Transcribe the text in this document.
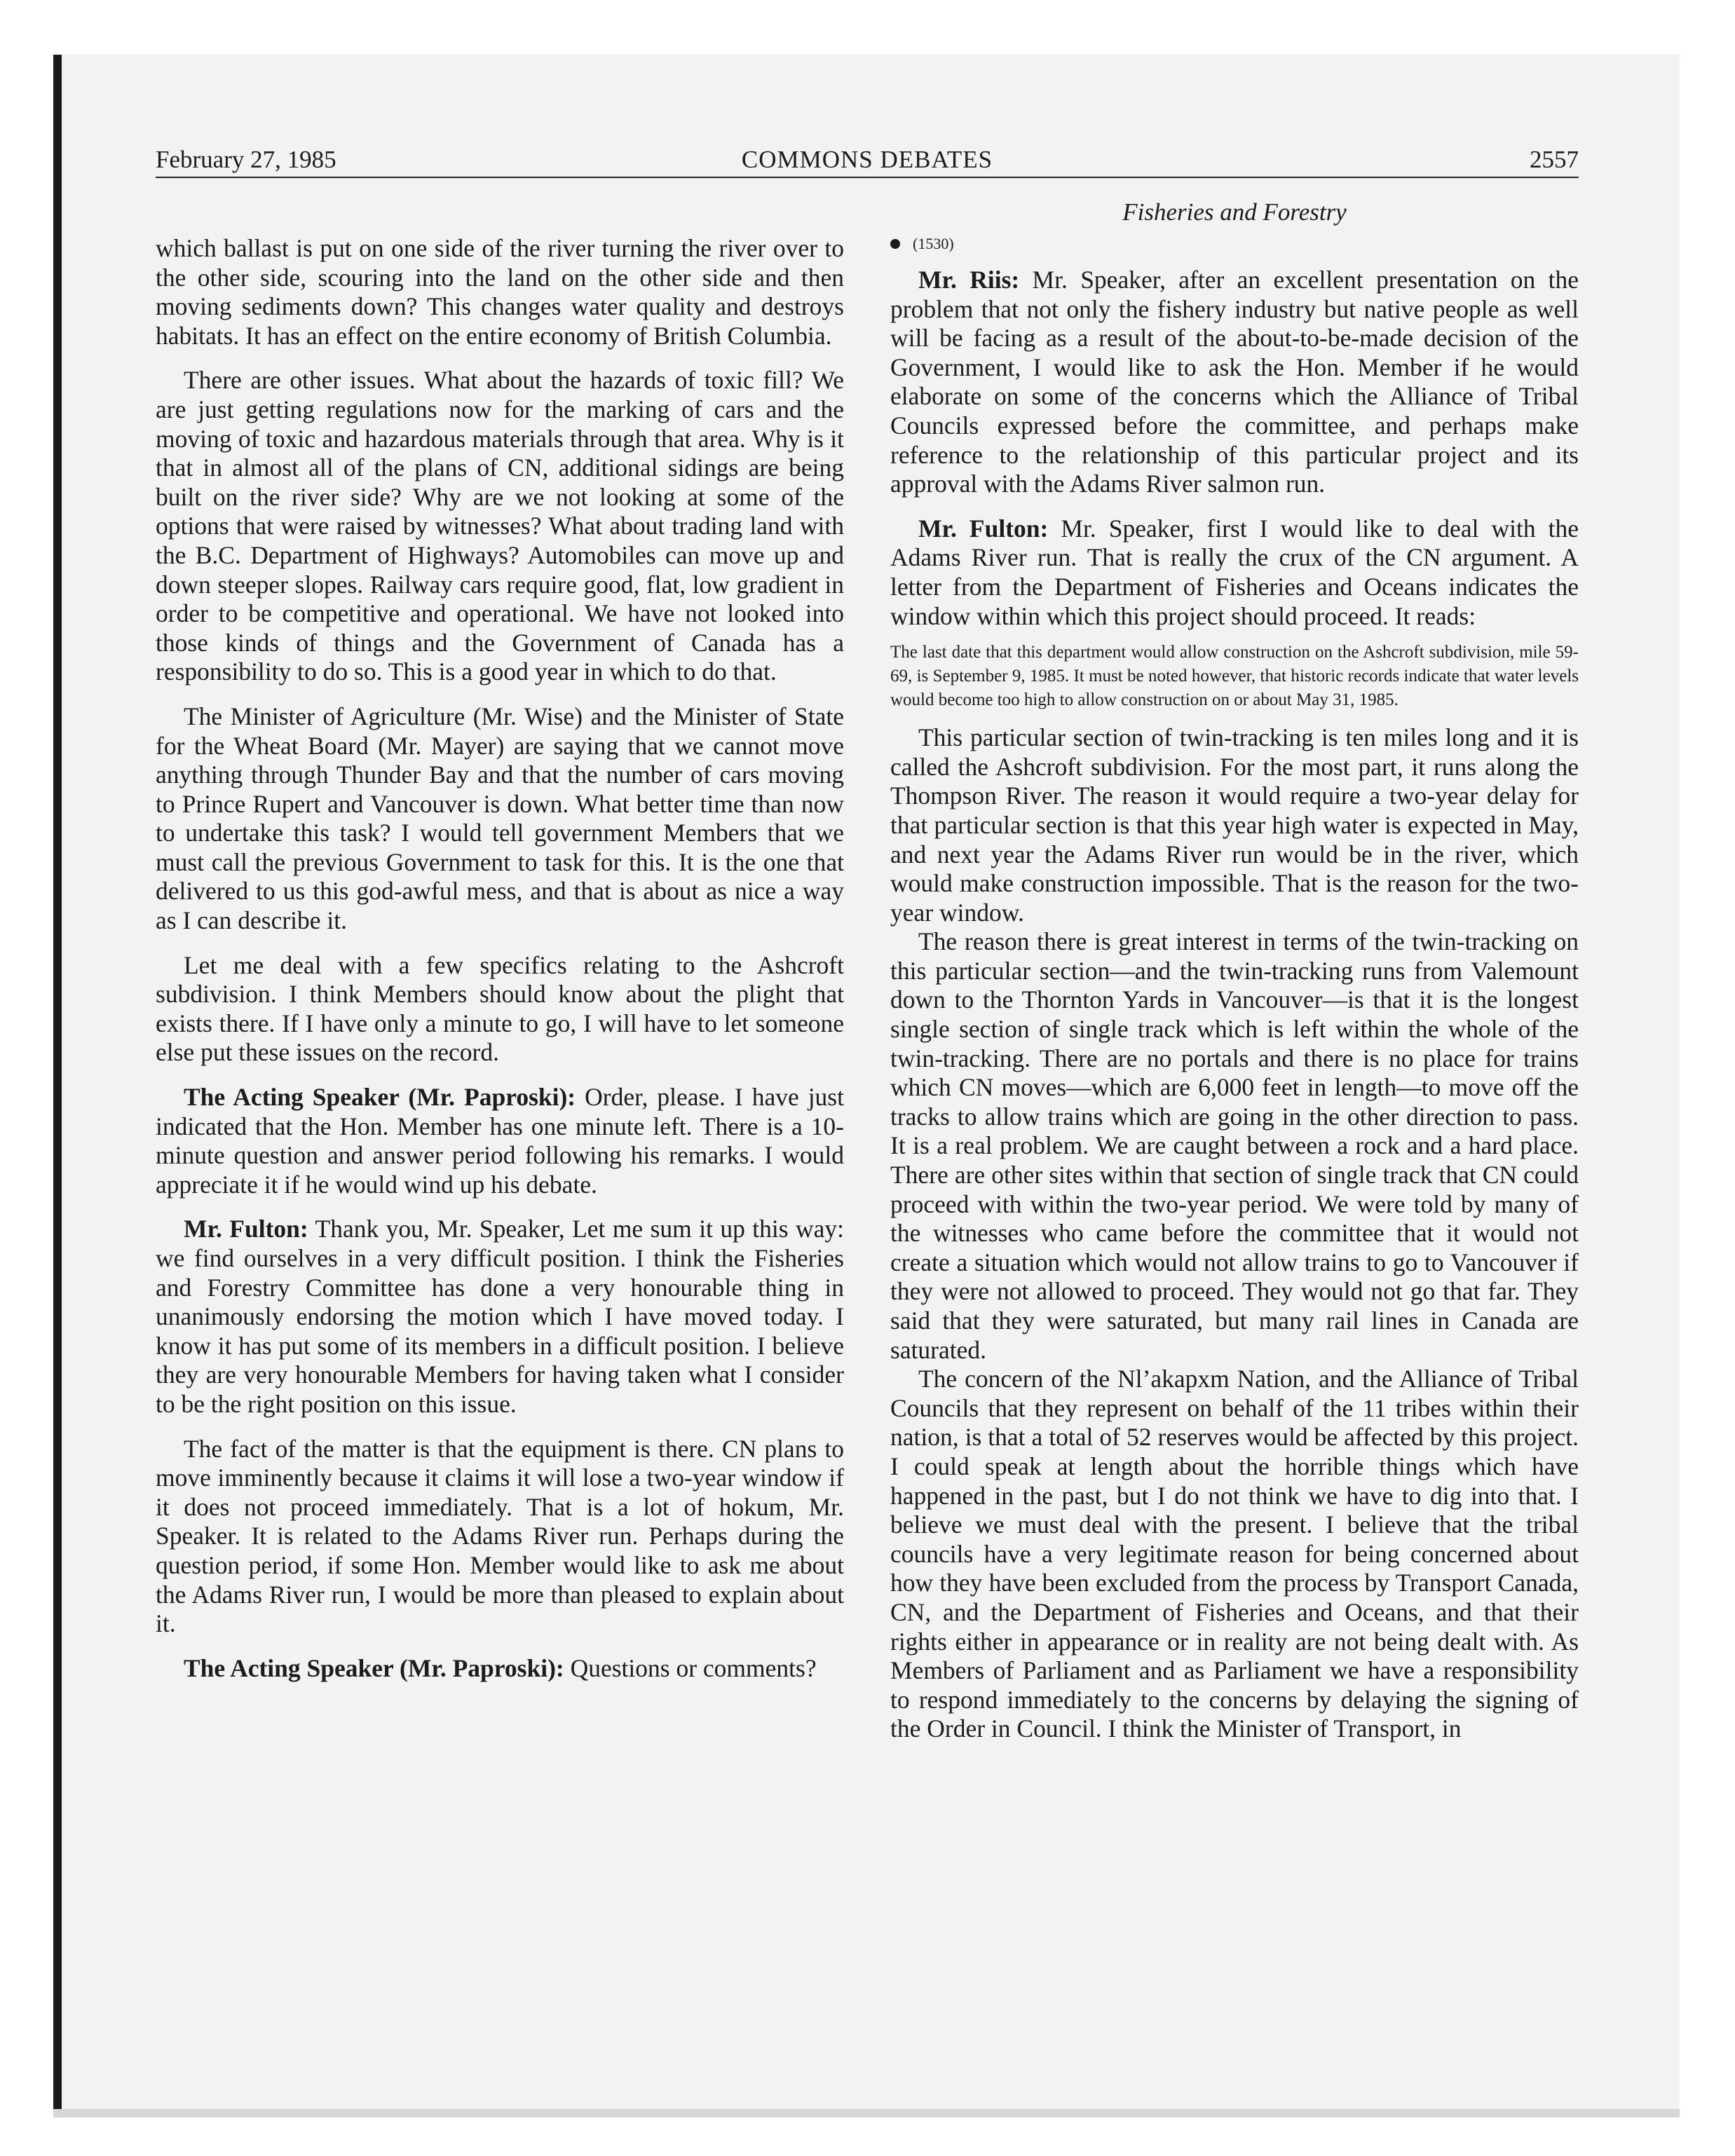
February 27, 1985	COMMONS DEBATES	2557
Fisheries and Forestry

which ballast is put on one side of the river turning the river over to the other side, scouring into the land on the other side and then moving sediments down? This changes water quality and destroys habitats. It has an effect on the entire economy of British Columbia.

There are other issues. What about the hazards of toxic fill? We are just getting regulations now for the marking of cars and the moving of toxic and hazardous materials through that area. Why is it that in almost all of the plans of CN, additional sidings are being built on the river side? Why are we not looking at some of the options that were raised by witnesses? What about trading land with the B.C. Department of Highways? Automobiles can move up and down steeper slopes. Railway cars require good, flat, low gradient in order to be competitive and operational. We have not looked into those kinds of things and the Government of Canada has a responsibility to do so. This is a good year in which to do that.

The Minister of Agriculture (Mr. Wise) and the Minister of State for the Wheat Board (Mr. Mayer) are saying that we cannot move anything through Thunder Bay and that the number of cars moving to Prince Rupert and Vancouver is down. What better time than now to undertake this task? I would tell government Members that we must call the previous Government to task for this. It is the one that delivered to us this god-awful mess, and that is about as nice a way as I can describe it.

Let me deal with a few specifics relating to the Ashcroft subdivision. I think Members should know about the plight that exists there. If I have only a minute to go, I will have to let someone else put these issues on the record.

The Acting Speaker (Mr. Paproski): Order, please. I have just indicated that the Hon. Member has one minute left. There is a 10-minute question and answer period following his remarks. I would appreciate it if he would wind up his debate.

Mr. Fulton: Thank you, Mr. Speaker, Let me sum it up this way: we find ourselves in a very difficult position. I think the Fisheries and Forestry Committee has done a very honourable thing in unanimously endorsing the motion which I have moved today. I know it has put some of its members in a difficult position. I believe they are very honourable Members for having taken what I consider to be the right position on this issue.

The fact of the matter is that the equipment is there. CN plans to move imminently because it claims it will lose a two-year window if it does not proceed immediately. That is a lot of hokum, Mr. Speaker. It is related to the Adams River run. Perhaps during the question period, if some Hon. Member would like to ask me about the Adams River run, I would be more than pleased to explain about it.

The Acting Speaker (Mr. Paproski): Questions or comments?

(1530)

Mr. Riis: Mr. Speaker, after an excellent presentation on the problem that not only the fishery industry but native people as well will be facing as a result of the about-to-be-made decision of the Government, I would like to ask the Hon. Member if he would elaborate on some of the concerns which the Alliance of Tribal Councils expressed before the committee, and perhaps make reference to the relationship of this particular project and its approval with the Adams River salmon run.

Mr. Fulton: Mr. Speaker, first I would like to deal with the Adams River run. That is really the crux of the CN argument. A letter from the Department of Fisheries and Oceans indicates the window within which this project should proceed. It reads:

The last date that this department would allow construction on the Ashcroft subdivision, mile 59-69, is September 9, 1985. It must be noted however, that historic records indicate that water levels would become too high to allow construction on or about May 31, 1985.

This particular section of twin-tracking is ten miles long and it is called the Ashcroft subdivision. For the most part, it runs along the Thompson River. The reason it would require a two-year delay for that particular section is that this year high water is expected in May, and next year the Adams River run would be in the river, which would make construction impossible. That is the reason for the two-year window.

The reason there is great interest in terms of the twin-tracking on this particular section—and the twin-tracking runs from Valemount down to the Thornton Yards in Vancouver—is that it is the longest single section of single track which is left within the whole of the twin-tracking. There are no portals and there is no place for trains which CN moves—which are 6,000 feet in length—to move off the tracks to allow trains which are going in the other direction to pass. It is a real problem. We are caught between a rock and a hard place. There are other sites within that section of single track that CN could proceed with within the two-year period. We were told by many of the witnesses who came before the committee that it would not create a situation which would not allow trains to go to Vancouver if they were not allowed to proceed. They would not go that far. They said that they were saturated, but many rail lines in Canada are saturated.

The concern of the Nl’akapxm Nation, and the Alliance of Tribal Councils that they represent on behalf of the 11 tribes within their nation, is that a total of 52 reserves would be affected by this project. I could speak at length about the horrible things which have happened in the past, but I do not think we have to dig into that. I believe we must deal with the present. I believe that the tribal councils have a very legitimate reason for being concerned about how they have been excluded from the process by Transport Canada, CN, and the Department of Fisheries and Oceans, and that their rights either in appearance or in reality are not being dealt with. As Members of Parliament and as Parliament we have a responsibility to respond immediately to the concerns by delaying the signing of the Order in Council. I think the Minister of Transport, in
